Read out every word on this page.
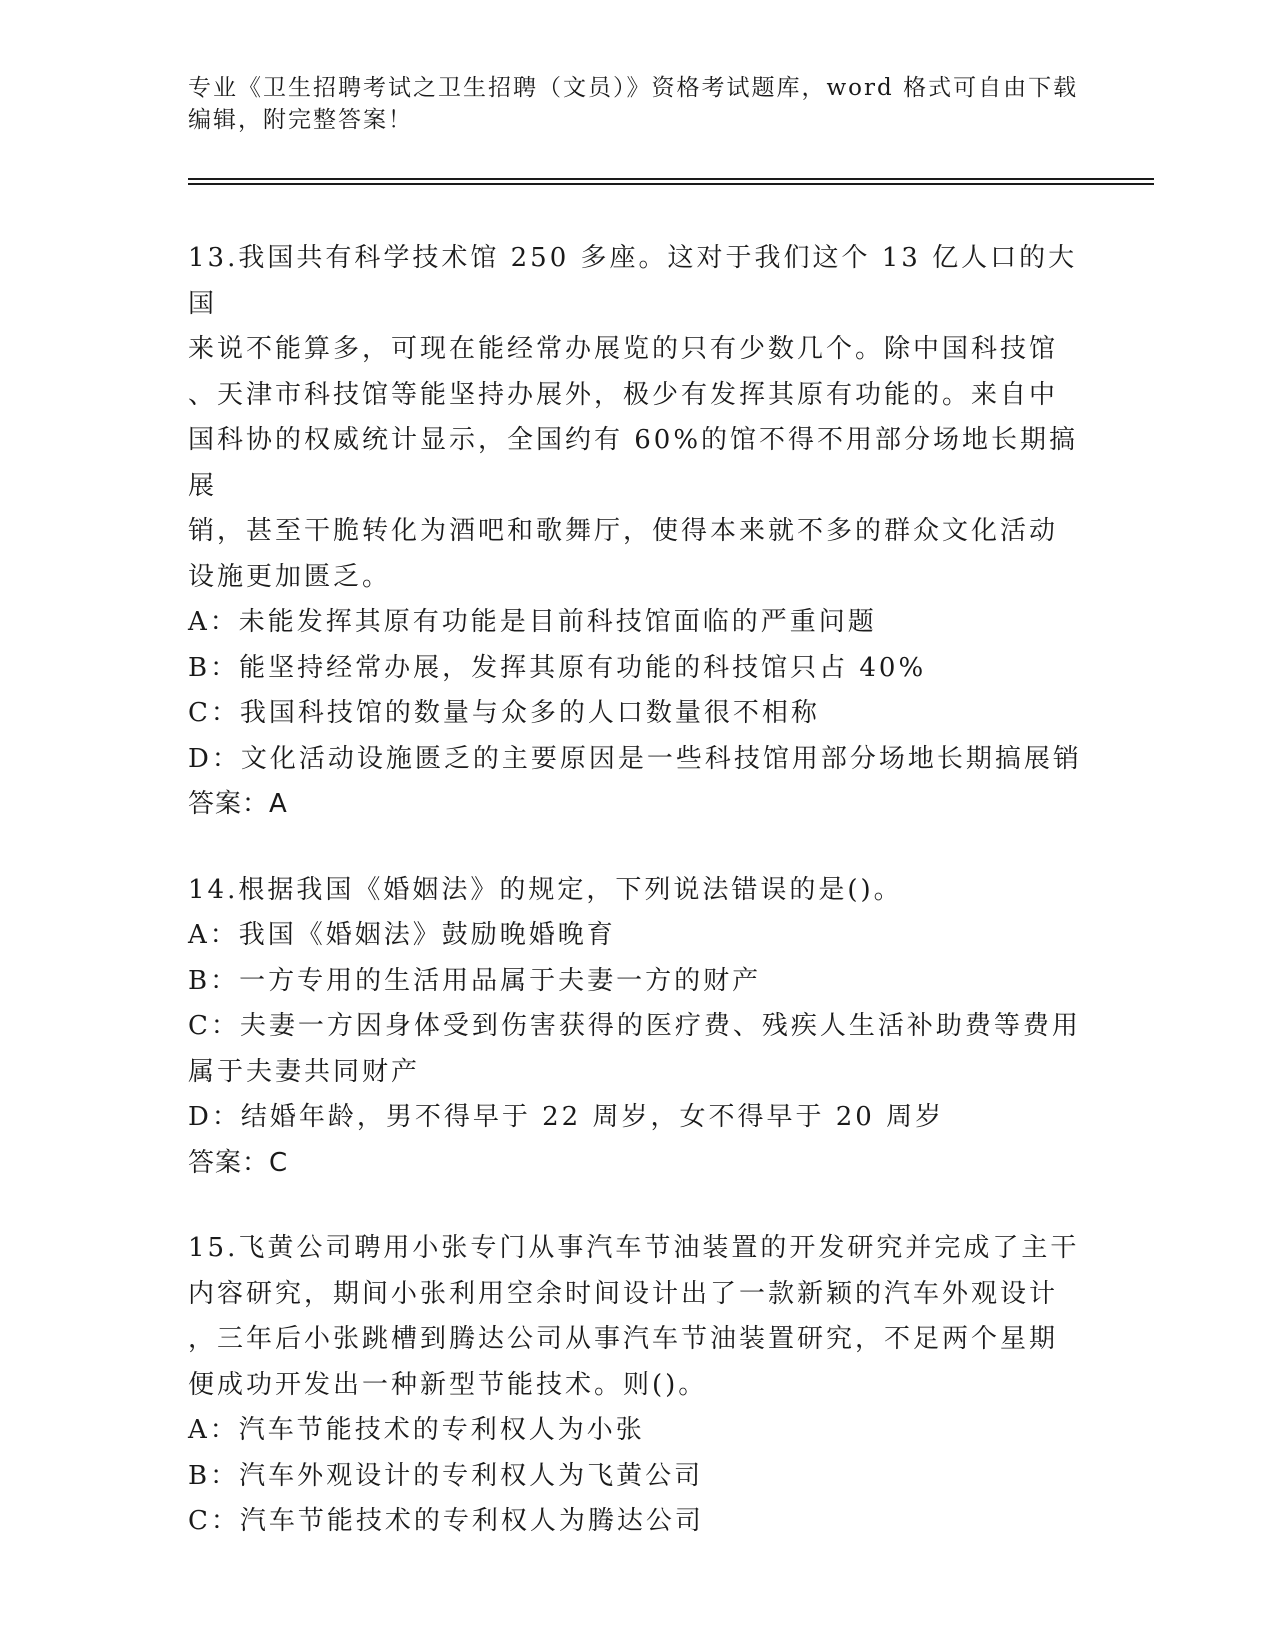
专业《卫生招聘考试之卫生招聘（文员）》资格考试题库，word 格式可自由下载
编辑，附完整答案！
13.我国共有科学技术馆 250 多座。这对于我们这个 13 亿人口的大国
来说不能算多，可现在能经常办展览的只有少数几个。除中国科技馆
、天津市科技馆等能坚持办展外，极少有发挥其原有功能的。来自中
国科协的权威统计显示，全国约有 60%的馆不得不用部分场地长期搞展
销，甚至干脆转化为酒吧和歌舞厅，使得本来就不多的群众文化活动
设施更加匮乏。
A：未能发挥其原有功能是目前科技馆面临的严重问题
B：能坚持经常办展，发挥其原有功能的科技馆只占 40%
C：我国科技馆的数量与众多的人口数量很不相称
D：文化活动设施匮乏的主要原因是一些科技馆用部分场地长期搞展销
答案：A
14.根据我国《婚姻法》的规定，下列说法错误的是()。
A：我国《婚姻法》鼓励晚婚晚育
B：一方专用的生活用品属于夫妻一方的财产
C：夫妻一方因身体受到伤害获得的医疗费、残疾人生活补助费等费用
属于夫妻共同财产
D：结婚年龄，男不得早于 22 周岁，女不得早于 20 周岁
答案：C
15.飞黄公司聘用小张专门从事汽车节油装置的开发研究并完成了主干
内容研究，期间小张利用空余时间设计出了一款新颖的汽车外观设计
，三年后小张跳槽到腾达公司从事汽车节油装置研究，不足两个星期
便成功开发出一种新型节能技术。则()。
A：汽车节能技术的专利权人为小张
B：汽车外观设计的专利权人为飞黄公司
C：汽车节能技术的专利权人为腾达公司
